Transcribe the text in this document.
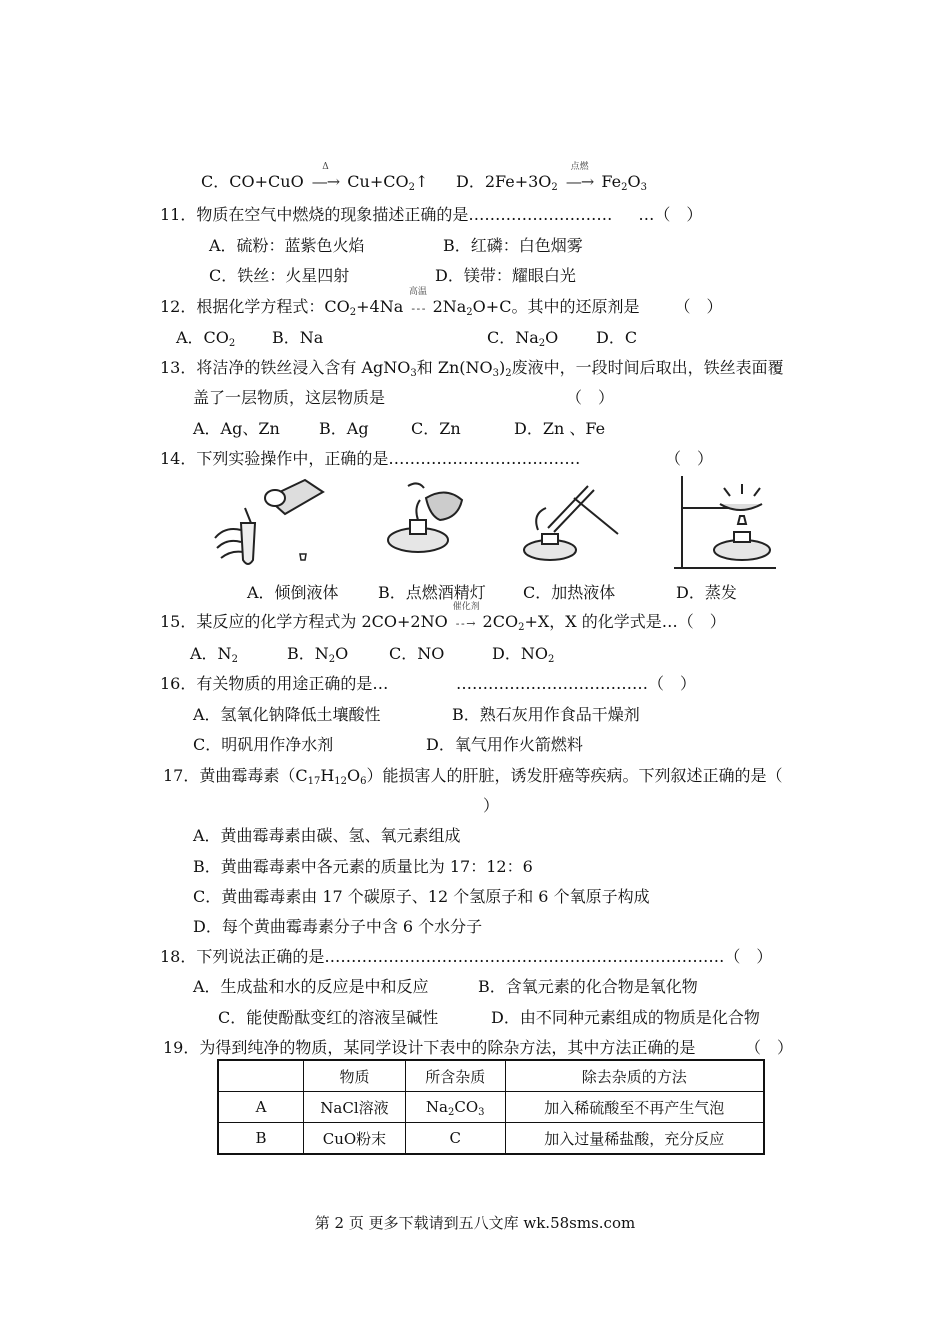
C．CO+CuO
Δ
—→ $Cu+CO_2↑$ D．$2Fe+3O_2$
点燃
—→ $Fe_2O_3$
11．物质在空气中燃烧的现象描述正确的是……………………… …（　）
A．硫粉：蓝紫色火焰	B．红磷：白色烟雾
C．铁丝：火星四射	D．镁带：耀眼白光
12．根据化学方程式：$CO_2+4Na$
高温
- - - $2Na_2O+C$。其中的还原剂是 （　）
A．$CO_2$ B．Na	C．$Na_2O$ D．C
13．将洁净的铁丝浸入含有 AgNO$_3$和 $Zn(NO_3)_2$废液中，一段时间后取出，铁丝表面覆
盖了一层物质，这层物质是	（　）
A．Ag、Zn B．Ag	C．Zn	D．Zn 、Fe
14．下列实验操作中，正确的是………………………………	（　）
A．倾倒液体 B．点燃酒精灯 C．加热液体	D．蒸发
15．某反应的化学方程式为 2CO+2NO
催化剂
- - → $2CO_2+X$，X 的化学式是…（　）
A．$N_2$	B．$N_2O$	C．NO	D．$NO_2$
16．有关物质的用途正确的是…	………………………………（　）
A．氢氧化钠降低土壤酸性	B．熟石灰用作食品干燥剂
C．明矾用作净水剂	D．氧气用作火箭燃料
17．黄曲霉毒素$(C_{17}H_{12}O_6)$能损害人的肝脏，诱发肝癌等疾病。下列叙述正确的是（
）
A．黄曲霉毒素由碳、氢、氧元素组成
B．黄曲霉毒素中各元素的质量比为 17：12：6
C．黄曲霉毒素由 17 个碳原子、12 个氢原子和 6 个氧原子构成
D．每个黄曲霉毒素分子中含 6 个水分子
18．下列说法正确的是…………………………………………………………………（　）
A．生成盐和水的反应是中和反应	B．含氧元素的化合物是氧化物
C．能使酚酞变红的溶液呈碱性	D．由不同种元素组成的物质是化合物
19．为得到纯净的物质，某同学设计下表中的除杂方法，其中方法正确的是	（　）
	物质	所含杂质	除去杂质的方法
A	NaCl溶液	$Na_2CO_3$	加入稀硫酸至不再产生气泡
B	CuO粉末	C	加入过量稀盐酸，充分反应
第 2 页 更多下载请到五八文库 wk.58sms.com
